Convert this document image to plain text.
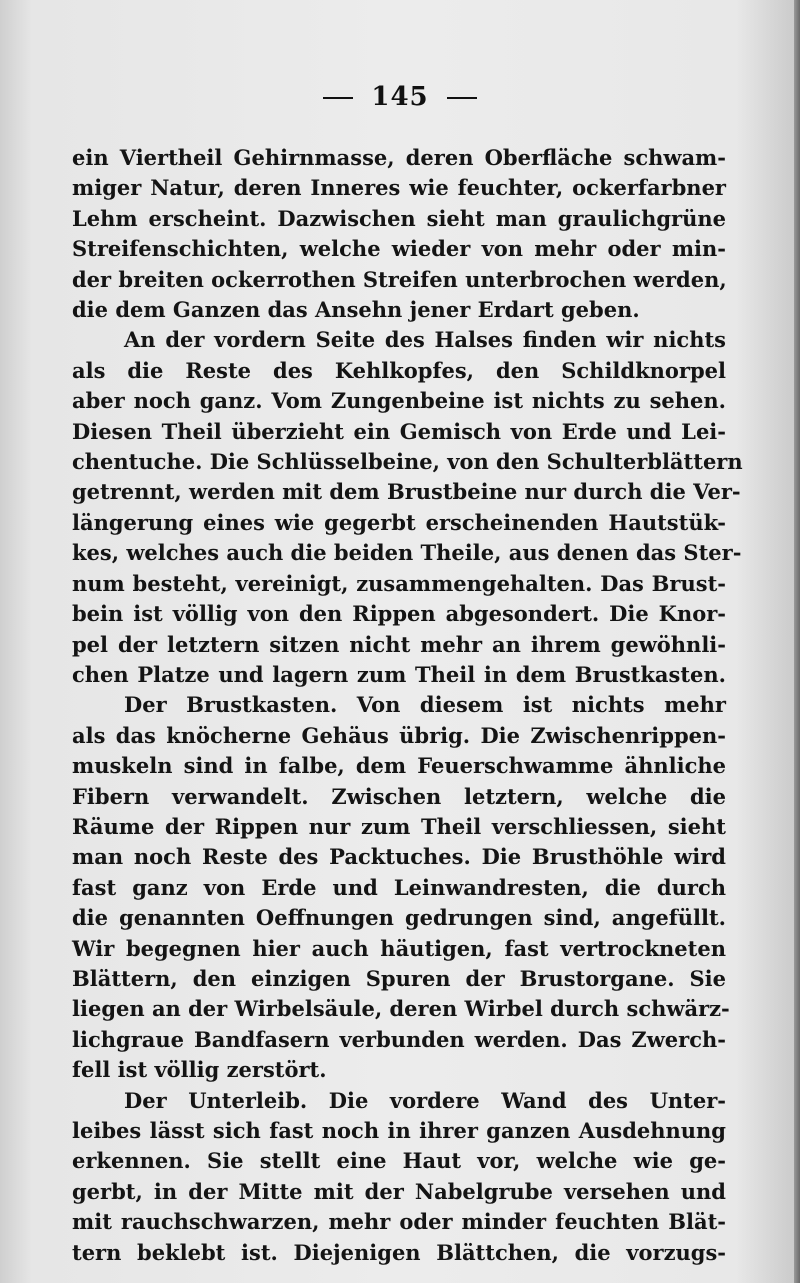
145
ein Viertheil Gehirnmasse, deren Oberfläche schwam-
miger Natur, deren Inneres wie feuchter, ockerfarbner
Lehm erscheint. Dazwischen sieht man graulichgrüne
Streifenschichten, welche wieder von mehr oder min-
der breiten ockerrothen Streifen unterbrochen werden,
die dem Ganzen das Ansehn jener Erdart geben.
An der vordern Seite des Halses finden wir nichts
als die Reste des Kehlkopfes, den Schildknorpel
aber noch ganz. Vom Zungenbeine ist nichts zu sehen.
Diesen Theil überzieht ein Gemisch von Erde und Lei-
chentuche. Die Schlüsselbeine, von den Schulterblättern
getrennt, werden mit dem Brustbeine nur durch die Ver-
längerung eines wie gegerbt erscheinenden Hautstük-
kes, welches auch die beiden Theile, aus denen das Ster-
num besteht, vereinigt, zusammengehalten. Das Brust-
bein ist völlig von den Rippen abgesondert. Die Knor-
pel der letztern sitzen nicht mehr an ihrem gewöhnli-
chen Platze und lagern zum Theil in dem Brustkasten.
Der Brustkasten. Von diesem ist nichts mehr
als das knöcherne Gehäus übrig. Die Zwischenrippen-
muskeln sind in falbe, dem Feuerschwamme ähnliche
Fibern verwandelt. Zwischen letztern, welche die
Räume der Rippen nur zum Theil verschliessen, sieht
man noch Reste des Packtuches. Die Brusthöhle wird
fast ganz von Erde und Leinwandresten, die durch
die genannten Oeffnungen gedrungen sind, angefüllt.
Wir begegnen hier auch häutigen, fast vertrockneten
Blättern, den einzigen Spuren der Brustorgane. Sie
liegen an der Wirbelsäule, deren Wirbel durch schwärz-
lichgraue Bandfasern verbunden werden. Das Zwerch-
fell ist völlig zerstört.
Der Unterleib. Die vordere Wand des Unter-
leibes lässt sich fast noch in ihrer ganzen Ausdehnung
erkennen. Sie stellt eine Haut vor, welche wie ge-
gerbt, in der Mitte mit der Nabelgrube versehen und
mit rauchschwarzen, mehr oder minder feuchten Blät-
tern beklebt ist. Diejenigen Blättchen, die vorzugs-
